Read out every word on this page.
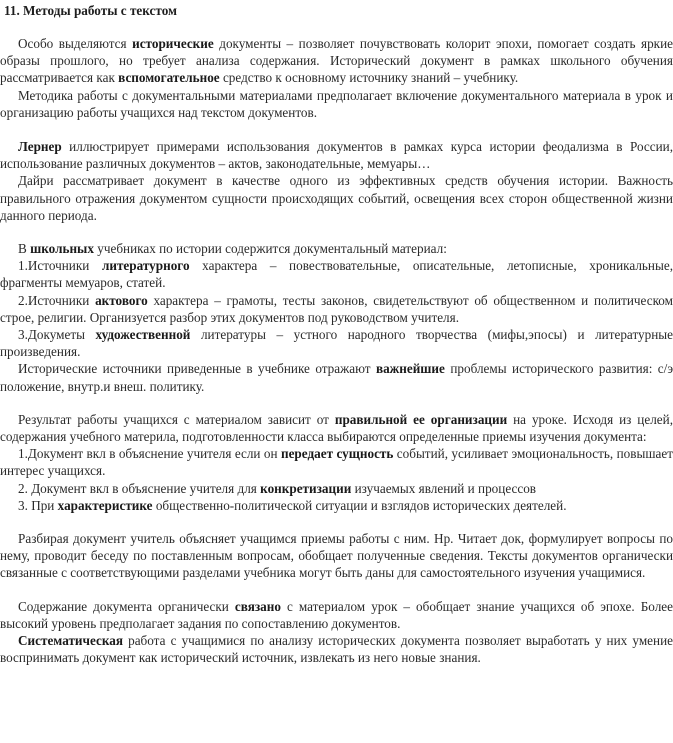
11. Методы работы с текстом

Особо выделяются исторические документы – позволяет почувствовать колорит эпохи, помогает создать яркие образы прошлого, но требует анализа содержания. Исторический документ в рамках школьного обучения рассматривается как вспомогательное средство к основному источнику знаний – учебнику.

Методика работы с документальными материалами предполагает включение документального материала в урок и организацию работы учащихся над текстом документов.

Лернер иллюстрирует примерами использования документов в рамках курса истории феодализма в России, использование различных документов – актов, законодательные, мемуары…

Дайри рассматривает документ в качестве одного из эффективных средств обучения истории. Важность правильного отражения документом сущности происходящих событий, освещения всех сторон общественной жизни данного периода.

В школьных учебниках по истории содержится документальный материал:

1.Источники литературного характера – повествовательные, описательные, летописные, хроникальные, фрагменты мемуаров, статей.

2.Источники актового характера – грамоты, тесты законов, свидетельствуют об общественном и политическом строе, религии. Организуется разбор этих документов под руководством учителя.

3.Докуметы художественной литературы – устного народного творчества (мифы,эпосы) и литературные произведения.

Исторические источники приведенные в учебнике отражают важнейшие проблемы исторического развития: с/э положение, внутр.и внеш. политику.

Результат работы учащихся с материалом зависит от правильной ее организации на уроке. Исходя из целей, содержания учебного материла, подготовленности класса выбираются определенные приемы изучения документа:

1.Документ вкл в объяснение учителя если он передает сущность событий, усиливает эмоциональность, повышает интерес учащихся.

2. Документ вкл в объяснение учителя для конкретизации изучаемых явлений и процессов

3. При характеристике общественно-политической ситуации и взглядов исторических деятелей.

Разбирая документ учитель объясняет учащимся приемы работы с ним. Нр. Читает док, формулирует вопросы по нему, проводит беседу по поставленным вопросам, обобщает полученные сведения. Тексты документов органически связанные с соответствующими разделами учебника могут быть даны для самостоятельного изучения учащимися.

Содержание документа органически связано с материалом урок – обобщает знание учащихся об эпохе. Более высокий уровень предполагает задания по сопоставлению документов.

Систематическая работа с учащимися по анализу исторических документа позволяет выработать у них умение воспринимать документ как исторический источник, извлекать из него новые знания.
